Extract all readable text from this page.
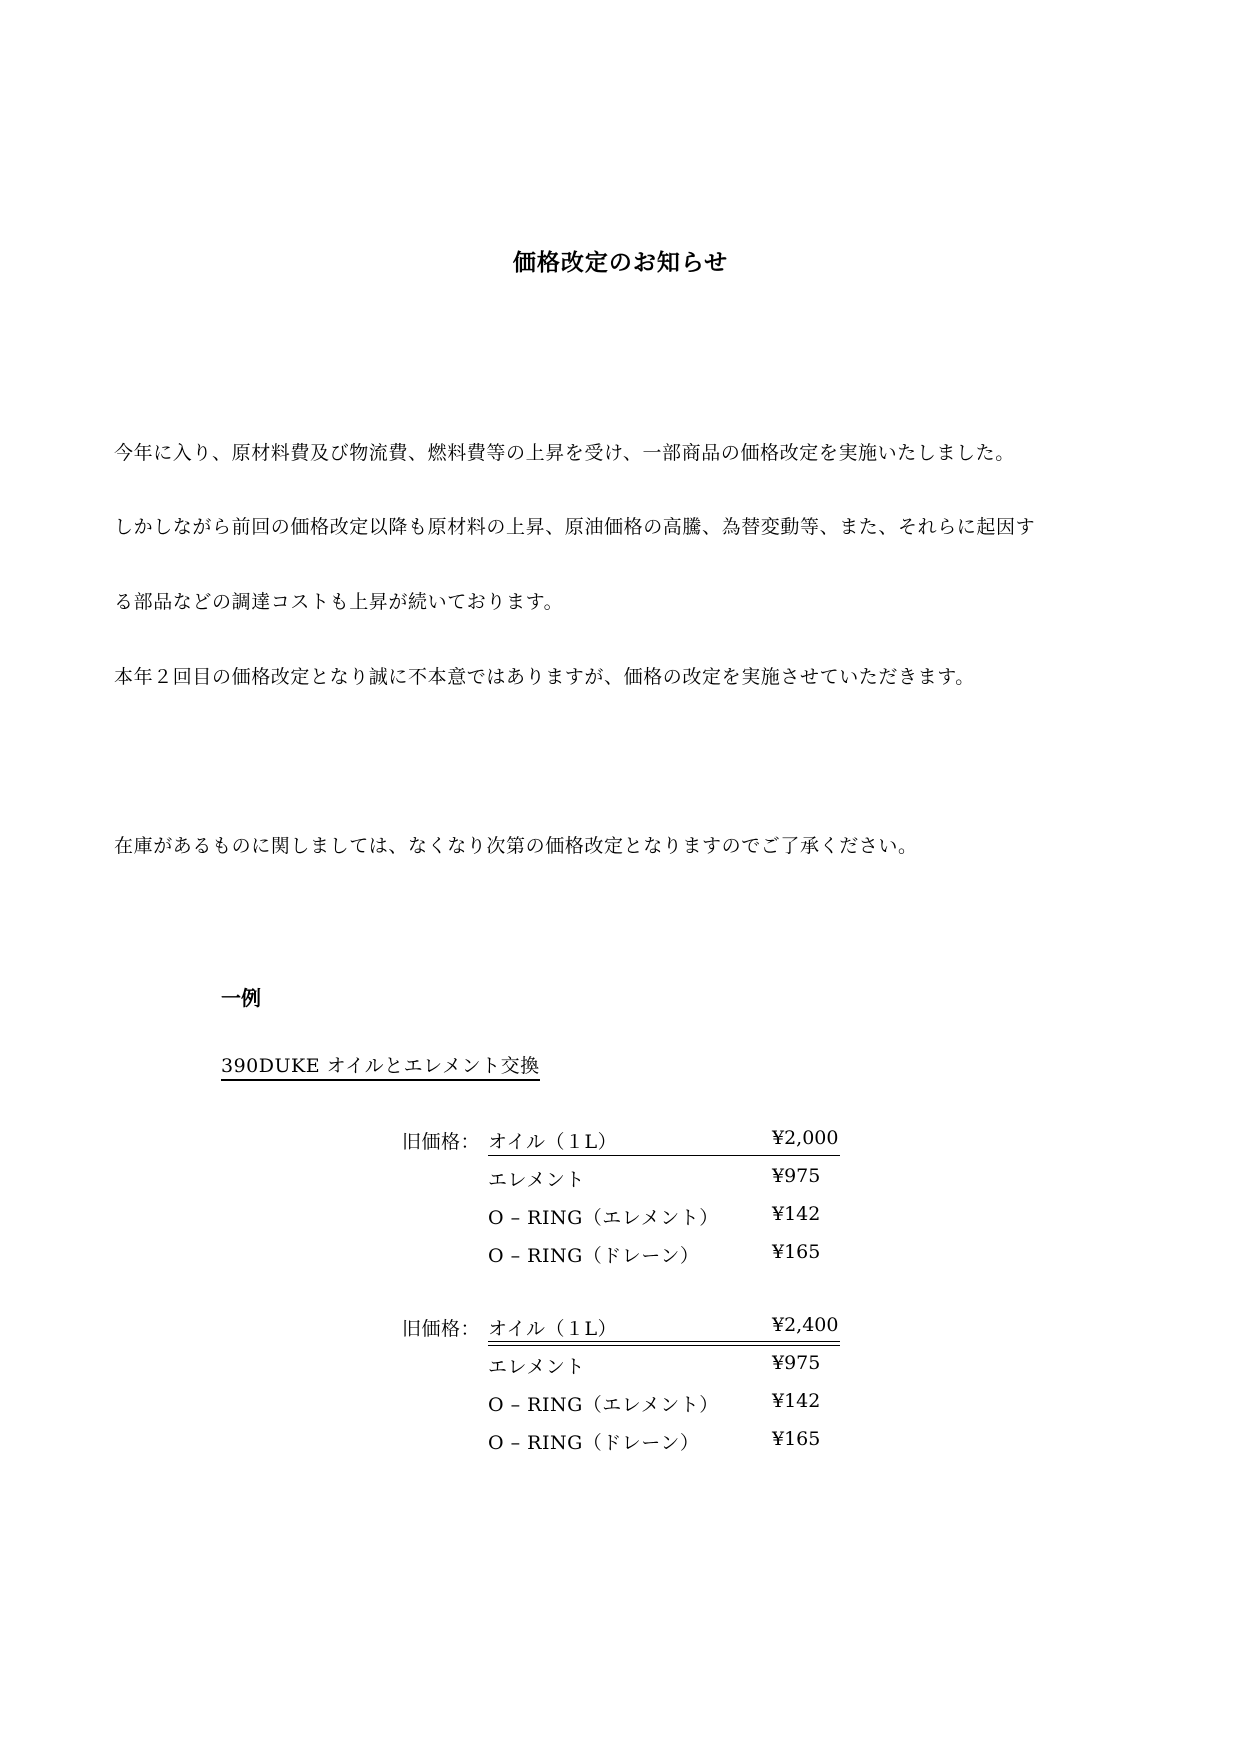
価格改定のお知らせ
今年に入り、原材料費及び物流費、燃料費等の上昇を受け、一部商品の価格改定を実施いたしました。
しかしながら前回の価格改定以降も原材料の上昇、原油価格の高騰、為替変動等、また、それらに起因す
る部品などの調達コストも上昇が続いております。
本年２回目の価格改定となり誠に不本意ではありますが、価格の改定を実施させていただきます。
在庫があるものに関しましては、なくなり次第の価格改定となりますのでご了承ください。
一例
390DUKE オイルとエレメント交換
旧価格： オイル（１L）	¥2,000
エレメント	¥975
O – RING（エレメント）	¥142
O – RING（ドレーン）	¥165
旧価格： オイル（１L）	¥2,400
エレメント	¥975
O – RING（エレメント）	¥142
O – RING（ドレーン）	¥165
